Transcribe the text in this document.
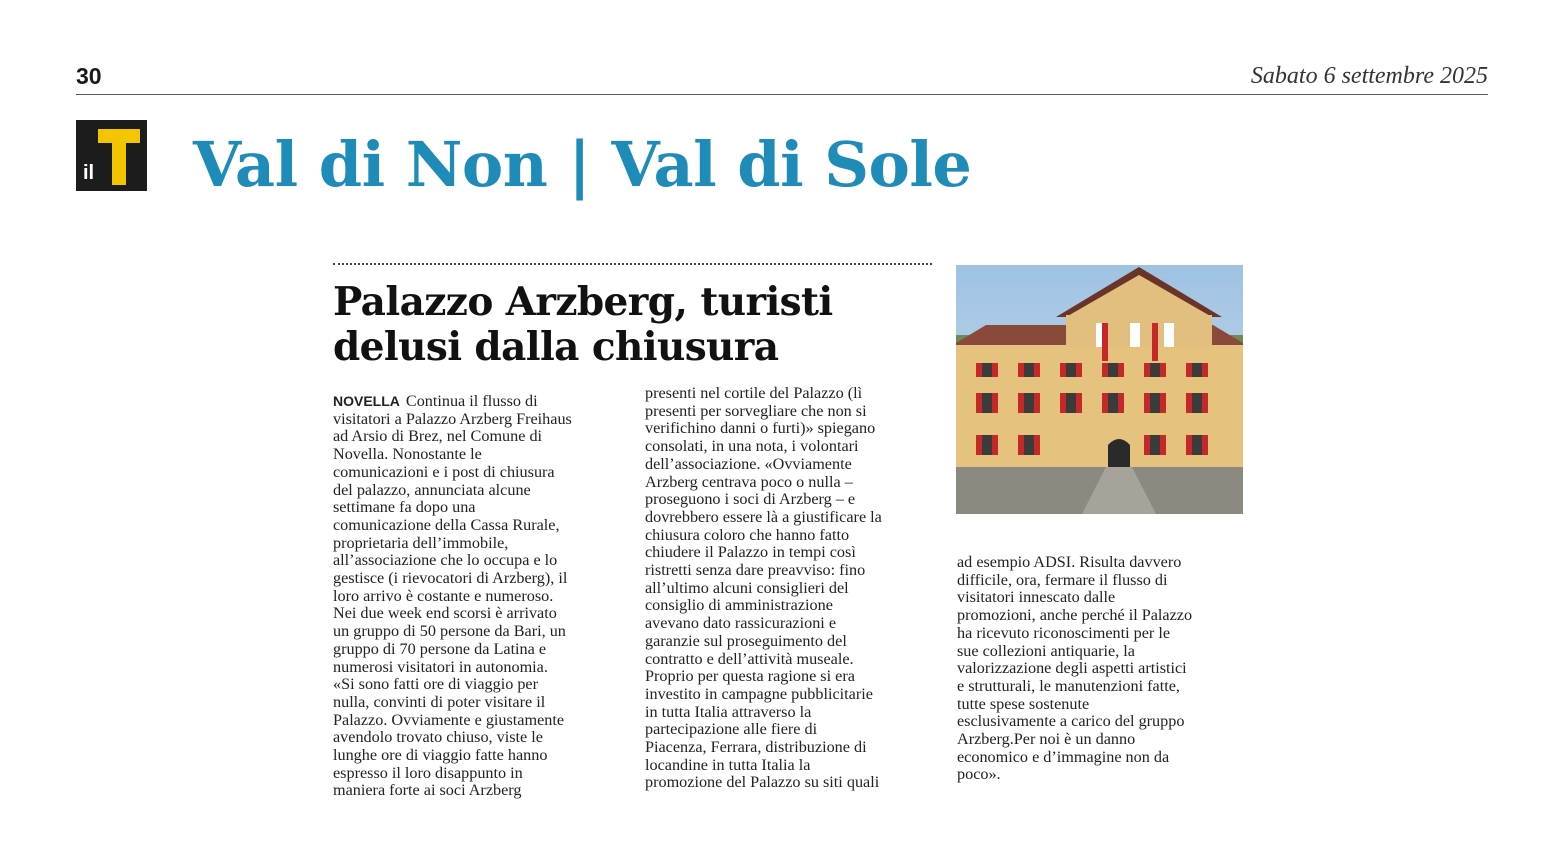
30	Sabato 6 settembre 2025
il Val di Non | Val di Sole
Palazzo Arzberg, turisti
delusi dalla chiusura

NOVELLA Continua il flusso di
visitatori a Palazzo Arzberg Freihaus
ad Arsio di Brez, nel Comune di
Novella. Nonostante le
comunicazioni e i post di chiusura
del palazzo, annunciata alcune
settimane fa dopo una
comunicazione della Cassa Rurale,
proprietaria dell’immobile,
all’associazione che lo occupa e lo
gestisce (i rievocatori di Arzberg), il
loro arrivo è costante e numeroso.
Nei due week end scorsi è arrivato
un gruppo di 50 persone da Bari, un
gruppo di 70 persone da Latina e
numerosi visitatori in autonomia.
«Si sono fatti ore di viaggio per
nulla, convinti di poter visitare il
Palazzo. Ovviamente e giustamente
avendolo trovato chiuso, viste le
lunghe ore di viaggio fatte hanno
espresso il loro disappunto in
maniera forte ai soci Arzberg

presenti nel cortile del Palazzo (lì
presenti per sorvegliare che non si
verifichino danni o furti)» spiegano
consolati, in una nota, i volontari
dell’associazione. «Ovviamente
Arzberg centrava poco o nulla –
proseguono i soci di Arzberg – e
dovrebbero essere là a giustificare la
chiusura coloro che hanno fatto
chiudere il Palazzo in tempi così
ristretti senza dare preavviso: fino
all’ultimo alcuni consiglieri del
consiglio di amministrazione
avevano dato rassicurazioni e
garanzie sul proseguimento del
contratto e dell’attività museale.
Proprio per questa ragione si era
investito in campagne pubblicitarie
in tutta Italia attraverso la
partecipazione alle fiere di
Piacenza, Ferrara, distribuzione di
locandine in tutta Italia la
promozione del Palazzo su siti quali

ad esempio ADSI. Risulta davvero
difficile, ora, fermare il flusso di
visitatori innescato dalle
promozioni, anche perché il Palazzo
ha ricevuto riconoscimenti per le
sue collezioni antiquarie, la
valorizzazione degli aspetti artistici
e strutturali, le manutenzioni fatte,
tutte spese sostenute
esclusivamente a carico del gruppo
Arzberg.Per noi è un danno
economico e d’immagine non da
poco».
